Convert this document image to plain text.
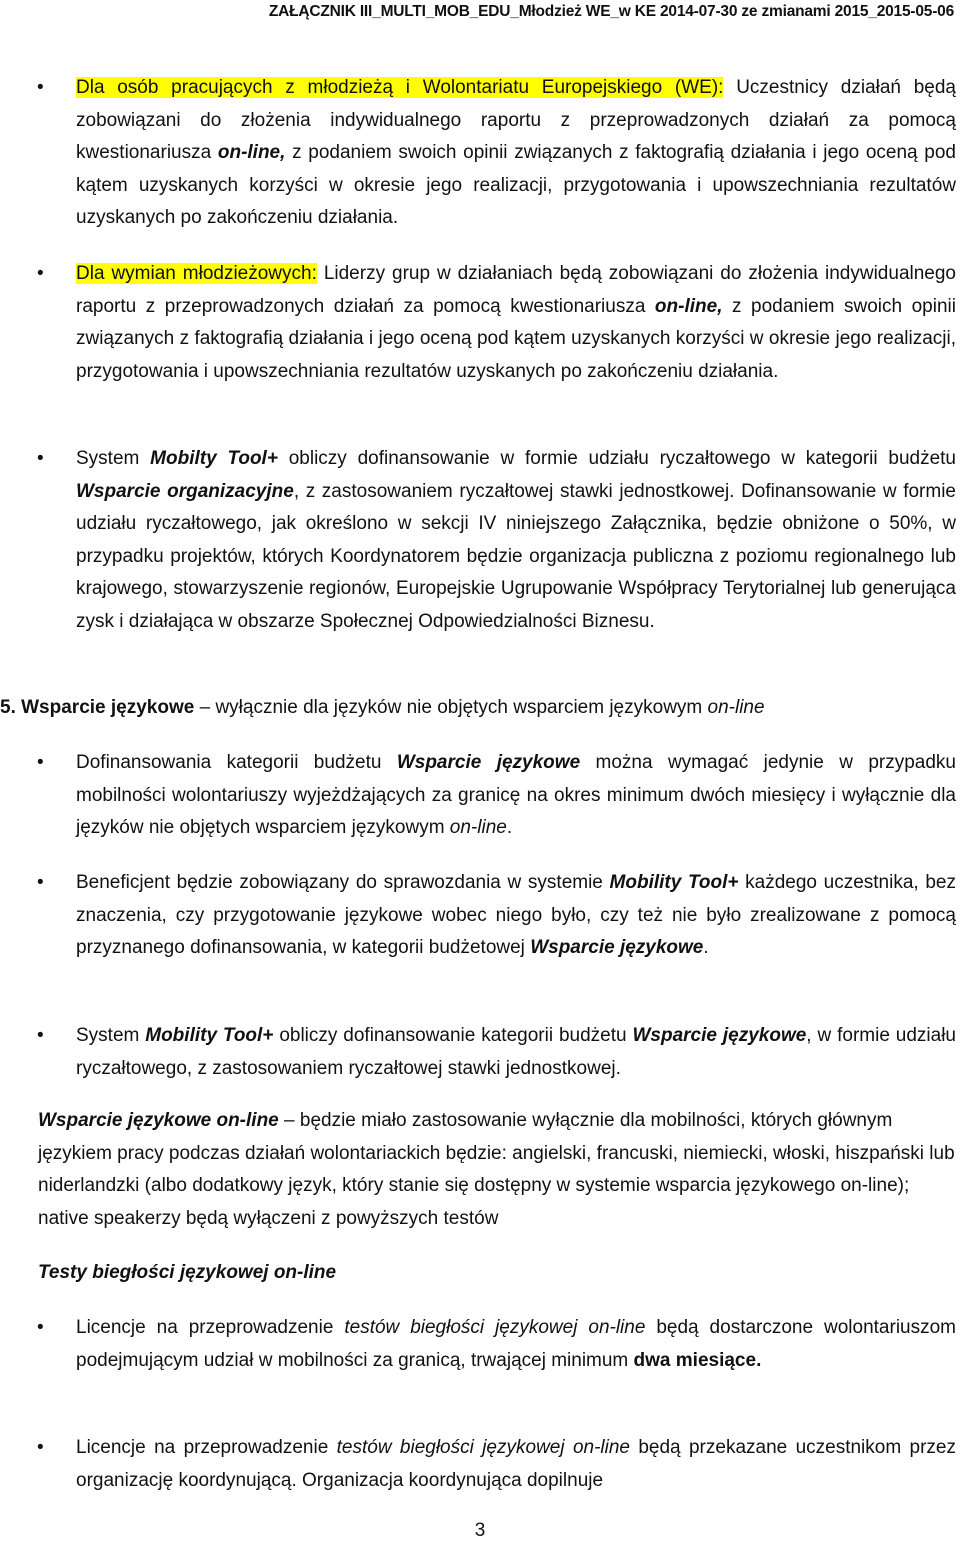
ZAŁĄCZNIK III_MULTI_MOB_EDU_Młodzież WE_w KE 2014-07-30 ze zmianami 2015_2015-05-06
• Dla osób pracujących z młodzieżą i Wolontariatu Europejskiego (WE): Uczestnicy działań będą zobowiązani do złożenia indywidualnego raportu z przeprowadzonych działań za pomocą kwestionariusza on-line, z podaniem swoich opinii związanych z faktografią działania i jego oceną pod kątem uzyskanych korzyści w okresie jego realizacji, przygotowania i upowszechniania rezultatów uzyskanych po zakończeniu działania.
• Dla wymian młodzieżowych: Liderzy grup w działaniach będą zobowiązani do złożenia indywidualnego raportu z przeprowadzonych działań za pomocą kwestionariusza on-line, z podaniem swoich opinii związanych z faktografią działania i jego oceną pod kątem uzyskanych korzyści w okresie jego realizacji, przygotowania i upowszechniania rezultatów uzyskanych po zakończeniu działania.
• System Mobilty Tool+ obliczy dofinansowanie w formie udziału ryczałtowego w kategorii budżetu Wsparcie organizacyjne, z zastosowaniem ryczałtowej stawki jednostkowej. Dofinansowanie w formie udziału ryczałtowego, jak określono w sekcji IV niniejszego Załącznika, będzie obniżone o 50%, w przypadku projektów, których Koordynatorem będzie organizacja publiczna z poziomu regionalnego lub krajowego, stowarzyszenie regionów, Europejskie Ugrupowanie Współpracy Terytorialnej lub generująca zysk i działająca w obszarze Społecznej Odpowiedzialności Biznesu.
5. Wsparcie językowe – wyłącznie dla języków nie objętych wsparciem językowym on-line
• Dofinansowania kategorii budżetu Wsparcie językowe można wymagać jedynie w przypadku mobilności wolontariuszy wyjeżdżających za granicę na okres minimum dwóch miesięcy i wyłącznie dla języków nie objętych wsparciem językowym on-line.
• Beneficjent będzie zobowiązany do sprawozdania w systemie Mobility Tool+ każdego uczestnika, bez znaczenia, czy przygotowanie językowe wobec niego było, czy też nie było zrealizowane z pomocą przyznanego dofinansowania, w kategorii budżetowej Wsparcie językowe.
• System Mobility Tool+ obliczy dofinansowanie kategorii budżetu Wsparcie językowe, w formie udziału ryczałtowego, z zastosowaniem ryczałtowej stawki jednostkowej.
Wsparcie językowe on-line – będzie miało zastosowanie wyłącznie dla mobilności, których głównym językiem pracy podczas działań wolontariackich będzie: angielski, francuski, niemiecki, włoski, hiszpański lub niderlandzki (albo dodatkowy język, który stanie się dostępny w systemie wsparcia językowego on-line); native speakerzy będą wyłączeni z powyższych testów
Testy biegłości językowej on-line
• Licencje na przeprowadzenie testów biegłości językowej on-line będą dostarczone wolontariuszom podejmującym udział w mobilności za granicą, trwającej minimum dwa miesiące.
• Licencje na przeprowadzenie testów biegłości językowej on-line będą przekazane uczestnikom przez organizację koordynującą. Organizacja koordynująca dopilnuje
3
